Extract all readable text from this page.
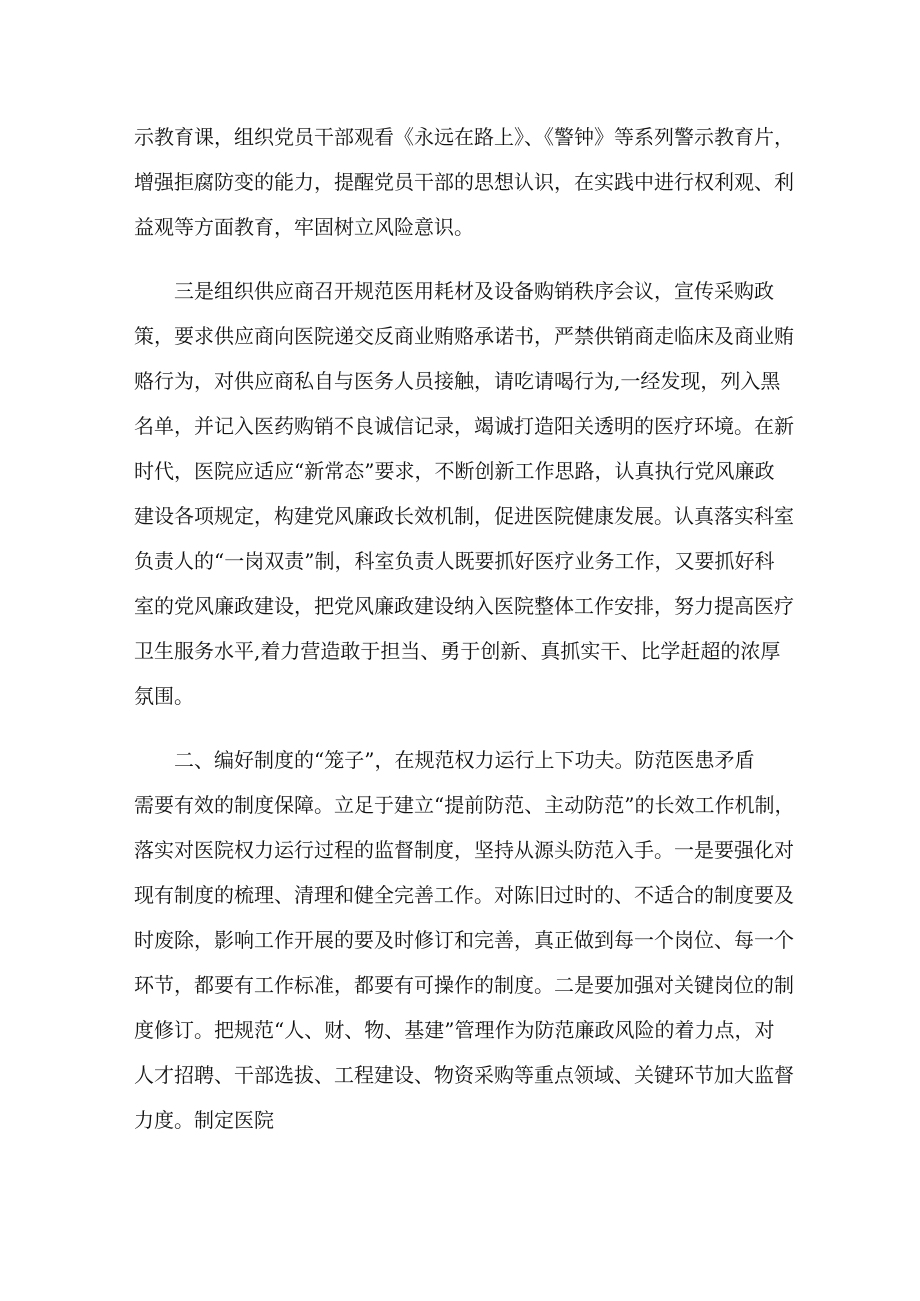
示教育课，组织党员干部观看《永远在路上》、《警钟》等系列警示教育片，

增强拒腐防变的能力，提醒党员干部的思想认识，在实践中进行权利观、利

益观等方面教育，牢固树立风险意识。

　　三是组织供应商召开规范医用耗材及设备购销秩序会议，宣传采购政

策，要求供应商向医院递交反商业贿赂承诺书，严禁供销商走临床及商业贿

赂行为，对供应商私自与医务人员接触，请吃请喝行为,一经发现，列入黑

名单，并记入医药购销不良诚信记录，竭诚打造阳关透明的医疗环境。在新

时代，医院应适应“新常态”要求，不断创新工作思路，认真执行党风廉政

建设各项规定，构建党风廉政长效机制，促进医院健康发展。认真落实科室

负责人的“一岗双责”制，科室负责人既要抓好医疗业务工作，又要抓好科

室的党风廉政建设，把党风廉政建设纳入医院整体工作安排，努力提高医疗

卫生服务水平,着力营造敢于担当、勇于创新、真抓实干、比学赶超的浓厚

氛围。

　　二、编好制度的“笼子”，在规范权力运行上下功夫。防范医患矛盾

需要有效的制度保障。立足于建立“提前防范、主动防范”的长效工作机制，

落实对医院权力运行过程的监督制度，坚持从源头防范入手。一是要强化对

现有制度的梳理、清理和健全完善工作。对陈旧过时的、不适合的制度要及

时废除，影响工作开展的要及时修订和完善，真正做到每一个岗位、每一个

环节，都要有工作标准，都要有可操作的制度。二是要加强对关键岗位的制

度修订。把规范“人、财、物、基建”管理作为防范廉政风险的着力点，对

人才招聘、干部选拔、工程建设、物资采购等重点领域、关键环节加大监督

力度。制定医院
